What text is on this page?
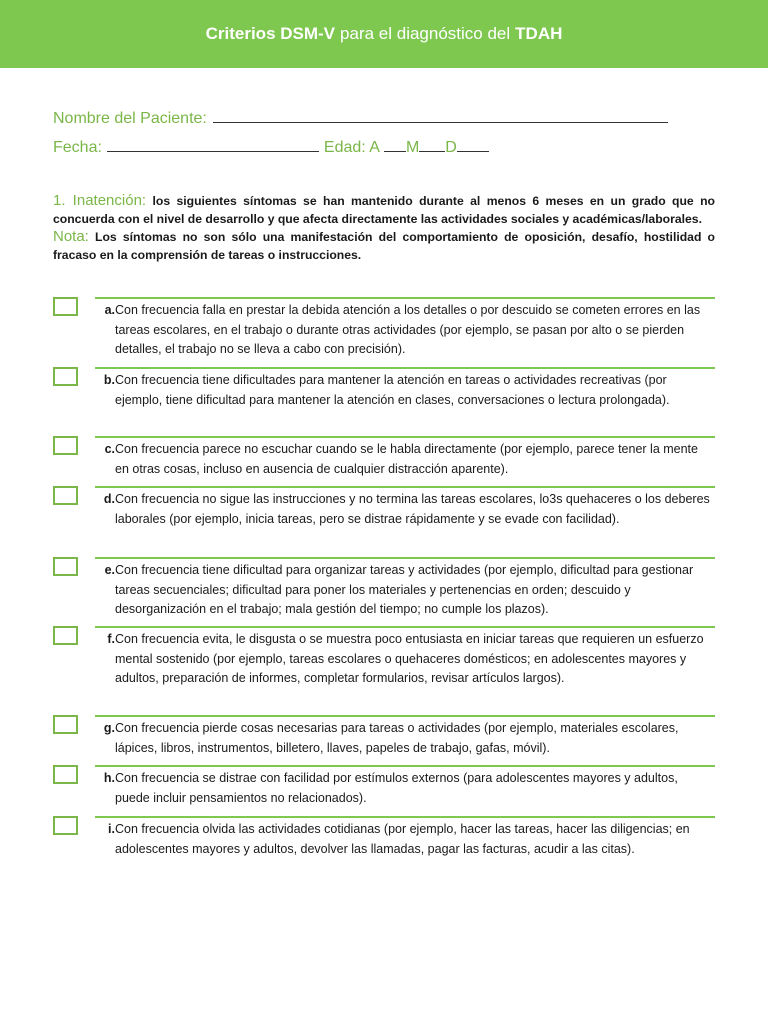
Criterios DSM-V para el diagnóstico del TDAH
Nombre del Paciente:
Fecha:	Edad: A M D
1. Inatención: los siguientes síntomas se han mantenido durante al menos 6 meses en un grado que no concuerda con el nivel de desarrollo y que afecta directamente las actividades sociales y académicas/laborales.
Nota: Los síntomas no son sólo una manifestación del comportamiento de oposición, desafío, hostilidad o fracaso en la comprensión de tareas o instrucciones.
a. Con frecuencia falla en prestar la debida atención a los detalles o por descuido se cometen errores en las tareas escolares, en el trabajo o durante otras actividades (por ejemplo, se pasan por alto o se pierden detalles, el trabajo no se lleva a cabo con precisión).
b. Con frecuencia tiene dificultades para mantener la atención en tareas o actividades recreativas (por ejemplo, tiene dificultad para mantener la atención en clases, conversaciones o lectura prolongada).
c. Con frecuencia parece no escuchar cuando se le habla directamente (por ejemplo, parece tener la mente en otras cosas, incluso en ausencia de cualquier distracción aparente).
d. Con frecuencia no sigue las instrucciones y no termina las tareas escolares, lo3s quehaceres o los deberes laborales (por ejemplo, inicia tareas, pero se distrae rápidamente y se evade con facilidad).
e. Con frecuencia tiene dificultad para organizar tareas y actividades (por ejemplo, dificultad para gestionar tareas secuenciales; dificultad para poner los materiales y pertenencias en orden; descuido y desorganización en el trabajo; mala gestión del tiempo; no cumple los plazos).
f. Con frecuencia evita, le disgusta o se muestra poco entusiasta en iniciar tareas que requieren un esfuerzo mental sostenido (por ejemplo, tareas escolares o quehaceres domésticos; en adolescentes mayores y adultos, preparación de informes, completar formularios, revisar artículos largos).
g. Con frecuencia pierde cosas necesarias para tareas o actividades (por ejemplo, materiales escolares, lápices, libros, instrumentos, billetero, llaves, papeles de trabajo, gafas, móvil).
h. Con frecuencia se distrae con facilidad por estímulos externos (para adolescentes mayores y adultos, puede incluir pensamientos no relacionados).
i. Con frecuencia olvida las actividades cotidianas (por ejemplo, hacer las tareas, hacer las diligencias; en adolescentes mayores y adultos, devolver las llamadas, pagar las facturas, acudir a las citas).
